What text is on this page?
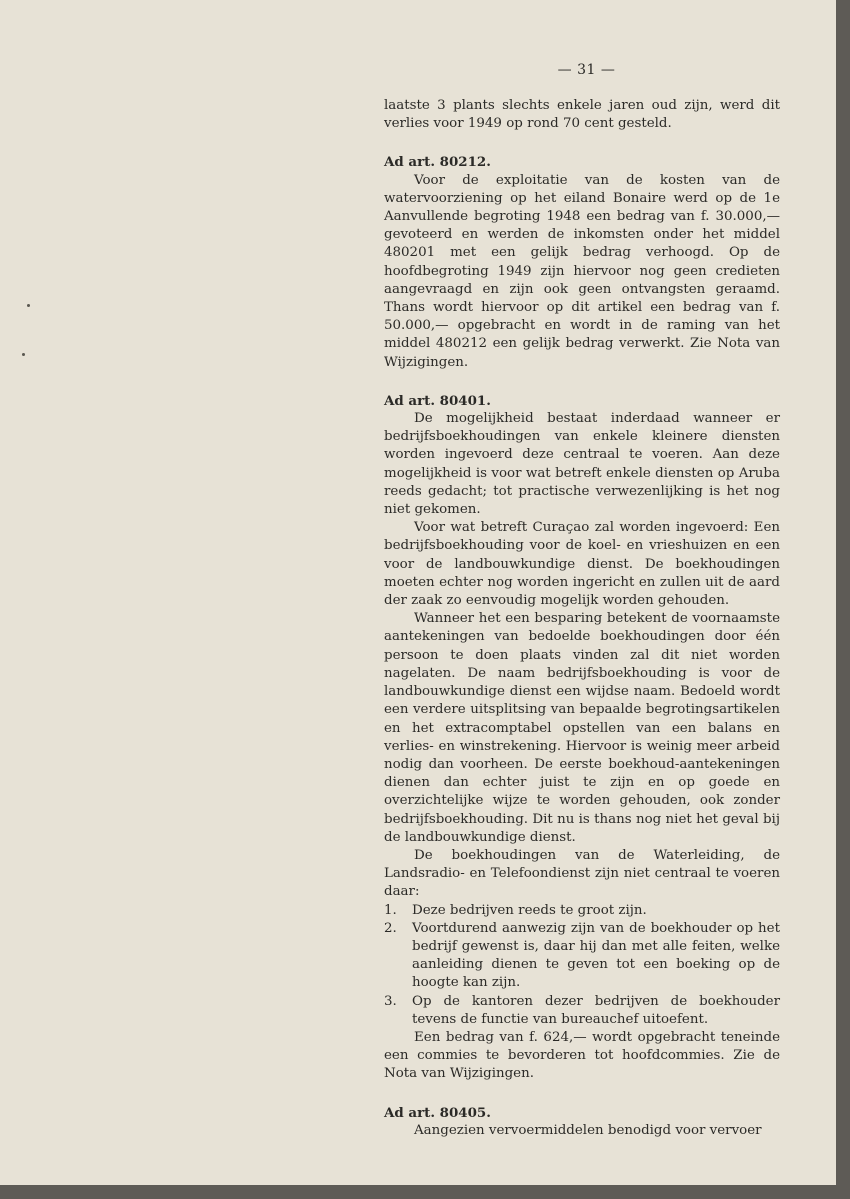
— 31 —

laatste 3 plants slechts enkele jaren oud zijn, werd dit verlies voor 1949 op rond 70 cent gesteld.

Ad art. 80212.

Voor de exploitatie van de kosten van de watervoorziening op het eiland Bonaire werd op de 1e Aanvullende begroting 1948 een bedrag van f. 30.000,— gevoteerd en werden de inkomsten onder het middel 480201 met een gelijk bedrag verhoogd. Op de hoofdbegroting 1949 zijn hiervoor nog geen credieten aangevraagd en zijn ook geen ontvangsten geraamd. Thans wordt hiervoor op dit artikel een bedrag van f. 50.000,— opgebracht en wordt in de raming van het middel 480212 een gelijk bedrag verwerkt. Zie Nota van Wijzigingen.

Ad art. 80401.

De mogelijkheid bestaat inderdaad wanneer er bedrijfsboekhoudingen van enkele kleinere diensten worden ingevoerd deze centraal te voeren. Aan deze mogelijkheid is voor wat betreft enkele diensten op Aruba reeds gedacht; tot practische verwezenlijking is het nog niet gekomen.

Voor wat betreft Curaçao zal worden ingevoerd: Een bedrijfsboekhouding voor de koel- en vrieshuizen en een voor de landbouwkundige dienst. De boekhoudingen moeten echter nog worden ingericht en zullen uit de aard der zaak zo eenvoudig mogelijk worden gehouden.

Wanneer het een besparing betekent de voornaamste aantekeningen van bedoelde boekhoudingen door één persoon te doen plaats vinden zal dit niet worden nagelaten. De naam bedrijfsboekhouding is voor de landbouwkundige dienst een wijdse naam. Bedoeld wordt een verdere uitsplitsing van bepaalde begrotingsartikelen en het extracomptabel opstellen van een balans en verlies- en winstrekening. Hiervoor is weinig meer arbeid nodig dan voorheen. De eerste boekhoud-aantekeningen dienen dan echter juist te zijn en op goede en overzichtelijke wijze te worden gehouden, ook zonder bedrijfsboekhouding. Dit nu is thans nog niet het geval bij de landbouwkundige dienst.

De boekhoudingen van de Waterleiding, de Landsradio- en Telefoondienst zijn niet centraal te voeren daar:

1.	Deze bedrijven reeds te groot zijn.
2.	Voortdurend aanwezig zijn van de boekhouder op het bedrijf gewenst is, daar hij dan met alle feiten, welke aanleiding dienen te geven tot een boeking op de hoogte kan zijn.
3.	Op de kantoren dezer bedrijven de boekhouder tevens de functie van bureauchef uitoefent.

Een bedrag van f. 624,— wordt opgebracht teneinde een commies te bevorderen tot hoofdcommies. Zie de Nota van Wijzigingen.

Ad art. 80405.

Aangezien vervoermiddelen benodigd voor vervoer
